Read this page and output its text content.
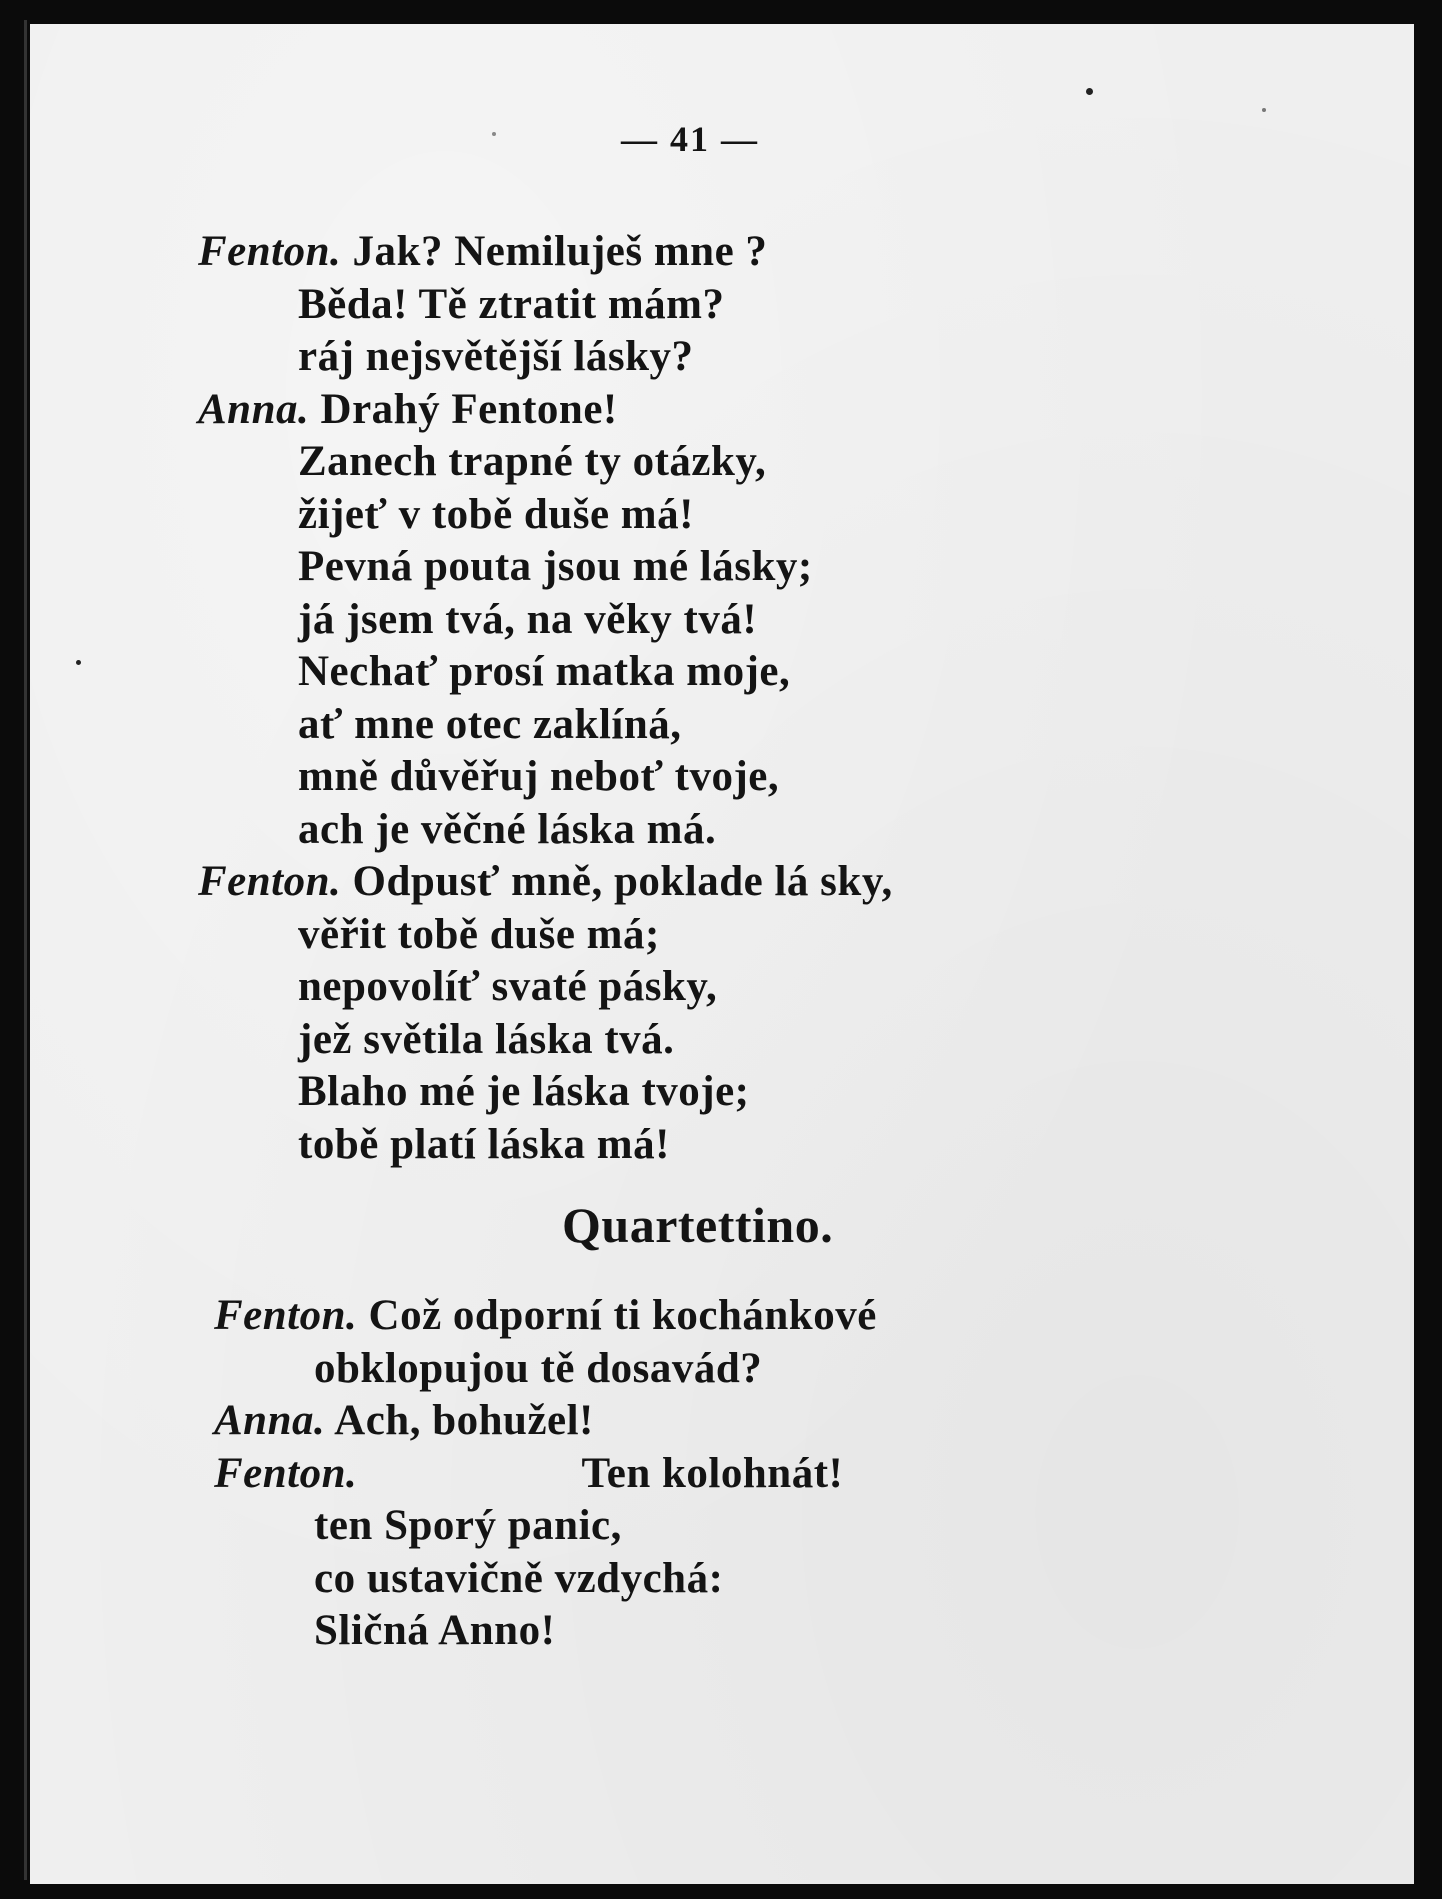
— 41 —
Fenton. Jak? Nemiluješ mne ?
Běda! Tě ztratit mám?
ráj nejsvětější lásky?
Anna. Drahý Fentone!
Zanech trapné ty otázky,
žijeť v tobě duše má!
Pevná pouta jsou mé lásky;
já jsem tvá, na věky tvá!
Nechať prosí matka moje,
ať mne otec zaklíná,
mně důvěřuj neboť tvoje,
ach je věčné láska má.
Fenton. Odpusť mně, poklade lá sky,
věřit tobě duše má;
nepovolíť svaté pásky,
jež světila láska tvá.
Blaho mé je láska tvoje;
tobě platí láska má!
Quartettino.
Fenton. Což odporní ti kochánkové
obklopujou tě dosavád?
Anna. Ach, bohužel!
Fenton.                    Ten kolohnát!
ten Sporý panic,
co ustavičně vzdychá:
Sličná Anno!
